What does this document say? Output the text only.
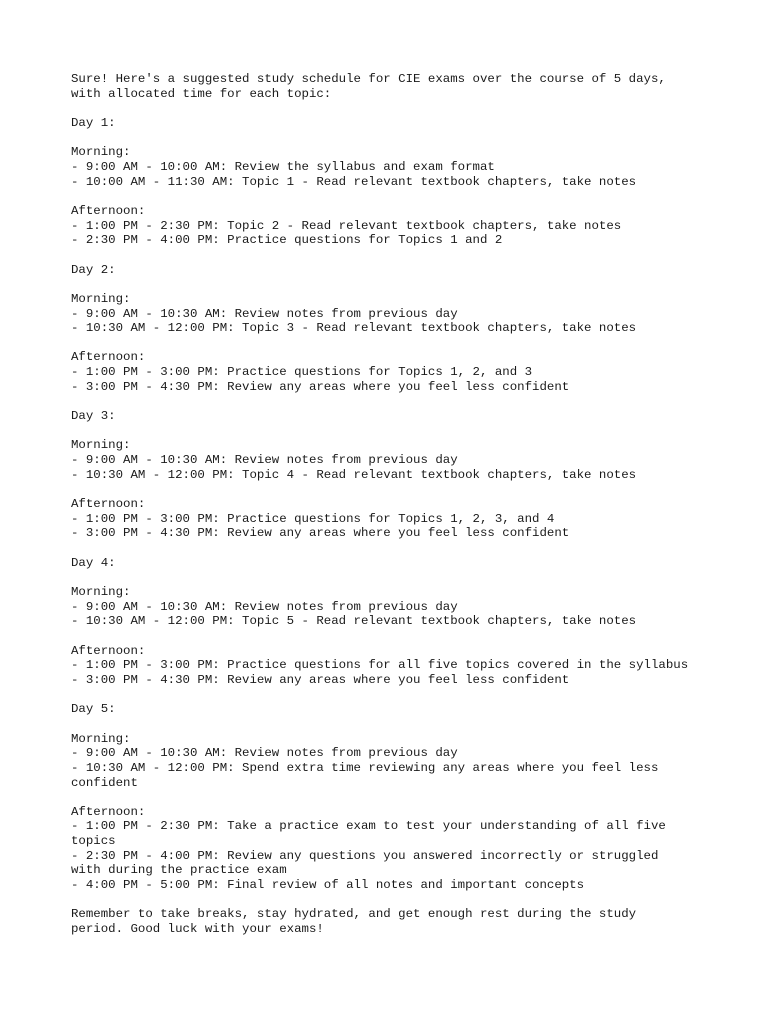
Sure! Here's a suggested study schedule for CIE exams over the course of 5 days,
with allocated time for each topic:

Day 1:

Morning:
- 9:00 AM - 10:00 AM: Review the syllabus and exam format
- 10:00 AM - 11:30 AM: Topic 1 - Read relevant textbook chapters, take notes

Afternoon:
- 1:00 PM - 2:30 PM: Topic 2 - Read relevant textbook chapters, take notes
- 2:30 PM - 4:00 PM: Practice questions for Topics 1 and 2

Day 2:

Morning:
- 9:00 AM - 10:30 AM: Review notes from previous day
- 10:30 AM - 12:00 PM: Topic 3 - Read relevant textbook chapters, take notes

Afternoon:
- 1:00 PM - 3:00 PM: Practice questions for Topics 1, 2, and 3
- 3:00 PM - 4:30 PM: Review any areas where you feel less confident

Day 3:

Morning:
- 9:00 AM - 10:30 AM: Review notes from previous day
- 10:30 AM - 12:00 PM: Topic 4 - Read relevant textbook chapters, take notes

Afternoon:
- 1:00 PM - 3:00 PM: Practice questions for Topics 1, 2, 3, and 4
- 3:00 PM - 4:30 PM: Review any areas where you feel less confident

Day 4:

Morning:
- 9:00 AM - 10:30 AM: Review notes from previous day
- 10:30 AM - 12:00 PM: Topic 5 - Read relevant textbook chapters, take notes

Afternoon:
- 1:00 PM - 3:00 PM: Practice questions for all five topics covered in the syllabus
- 3:00 PM - 4:30 PM: Review any areas where you feel less confident

Day 5:

Morning:
- 9:00 AM - 10:30 AM: Review notes from previous day
- 10:30 AM - 12:00 PM: Spend extra time reviewing any areas where you feel less
confident

Afternoon:
- 1:00 PM - 2:30 PM: Take a practice exam to test your understanding of all five
topics
- 2:30 PM - 4:00 PM: Review any questions you answered incorrectly or struggled
with during the practice exam
- 4:00 PM - 5:00 PM: Final review of all notes and important concepts

Remember to take breaks, stay hydrated, and get enough rest during the study
period. Good luck with your exams!
